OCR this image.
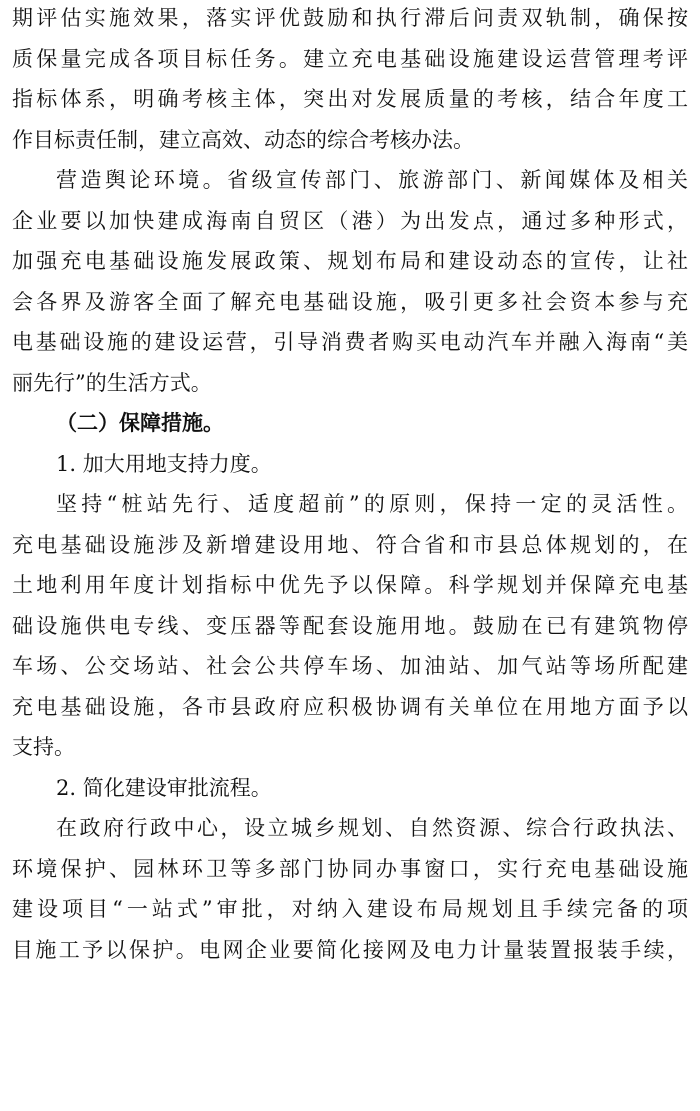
期评估实施效果，落实评优鼓励和执行滞后问责双轨制，确保按
质保量完成各项目标任务。建立充电基础设施建设运营管理考评
指标体系，明确考核主体，突出对发展质量的考核，结合年度工
作目标责任制，建立高效、动态的综合考核办法。
营造舆论环境。省级宣传部门、旅游部门、新闻媒体及相关
企业要以加快建成海南自贸区（港）为出发点，通过多种形式，
加强充电基础设施发展政策、规划布局和建设动态的宣传，让社
会各界及游客全面了解充电基础设施，吸引更多社会资本参与充
电基础设施的建设运营，引导消费者购买电动汽车并融入海南“美
丽先行”的生活方式。
（二）保障措施。
1. 加大用地支持力度。
坚持“桩站先行、适度超前”的原则，保持一定的灵活性。
充电基础设施涉及新增建设用地、符合省和市县总体规划的，在
土地利用年度计划指标中优先予以保障。科学规划并保障充电基
础设施供电专线、变压器等配套设施用地。鼓励在已有建筑物停
车场、公交场站、社会公共停车场、加油站、加气站等场所配建
充电基础设施，各市县政府应积极协调有关单位在用地方面予以
支持。
2. 简化建设审批流程。
在政府行政中心，设立城乡规划、自然资源、综合行政执法、
环境保护、园林环卫等多部门协同办事窗口，实行充电基础设施
建设项目“一站式”审批，对纳入建设布局规划且手续完备的项
目施工予以保护。电网企业要简化接网及电力计量装置报装手续，
